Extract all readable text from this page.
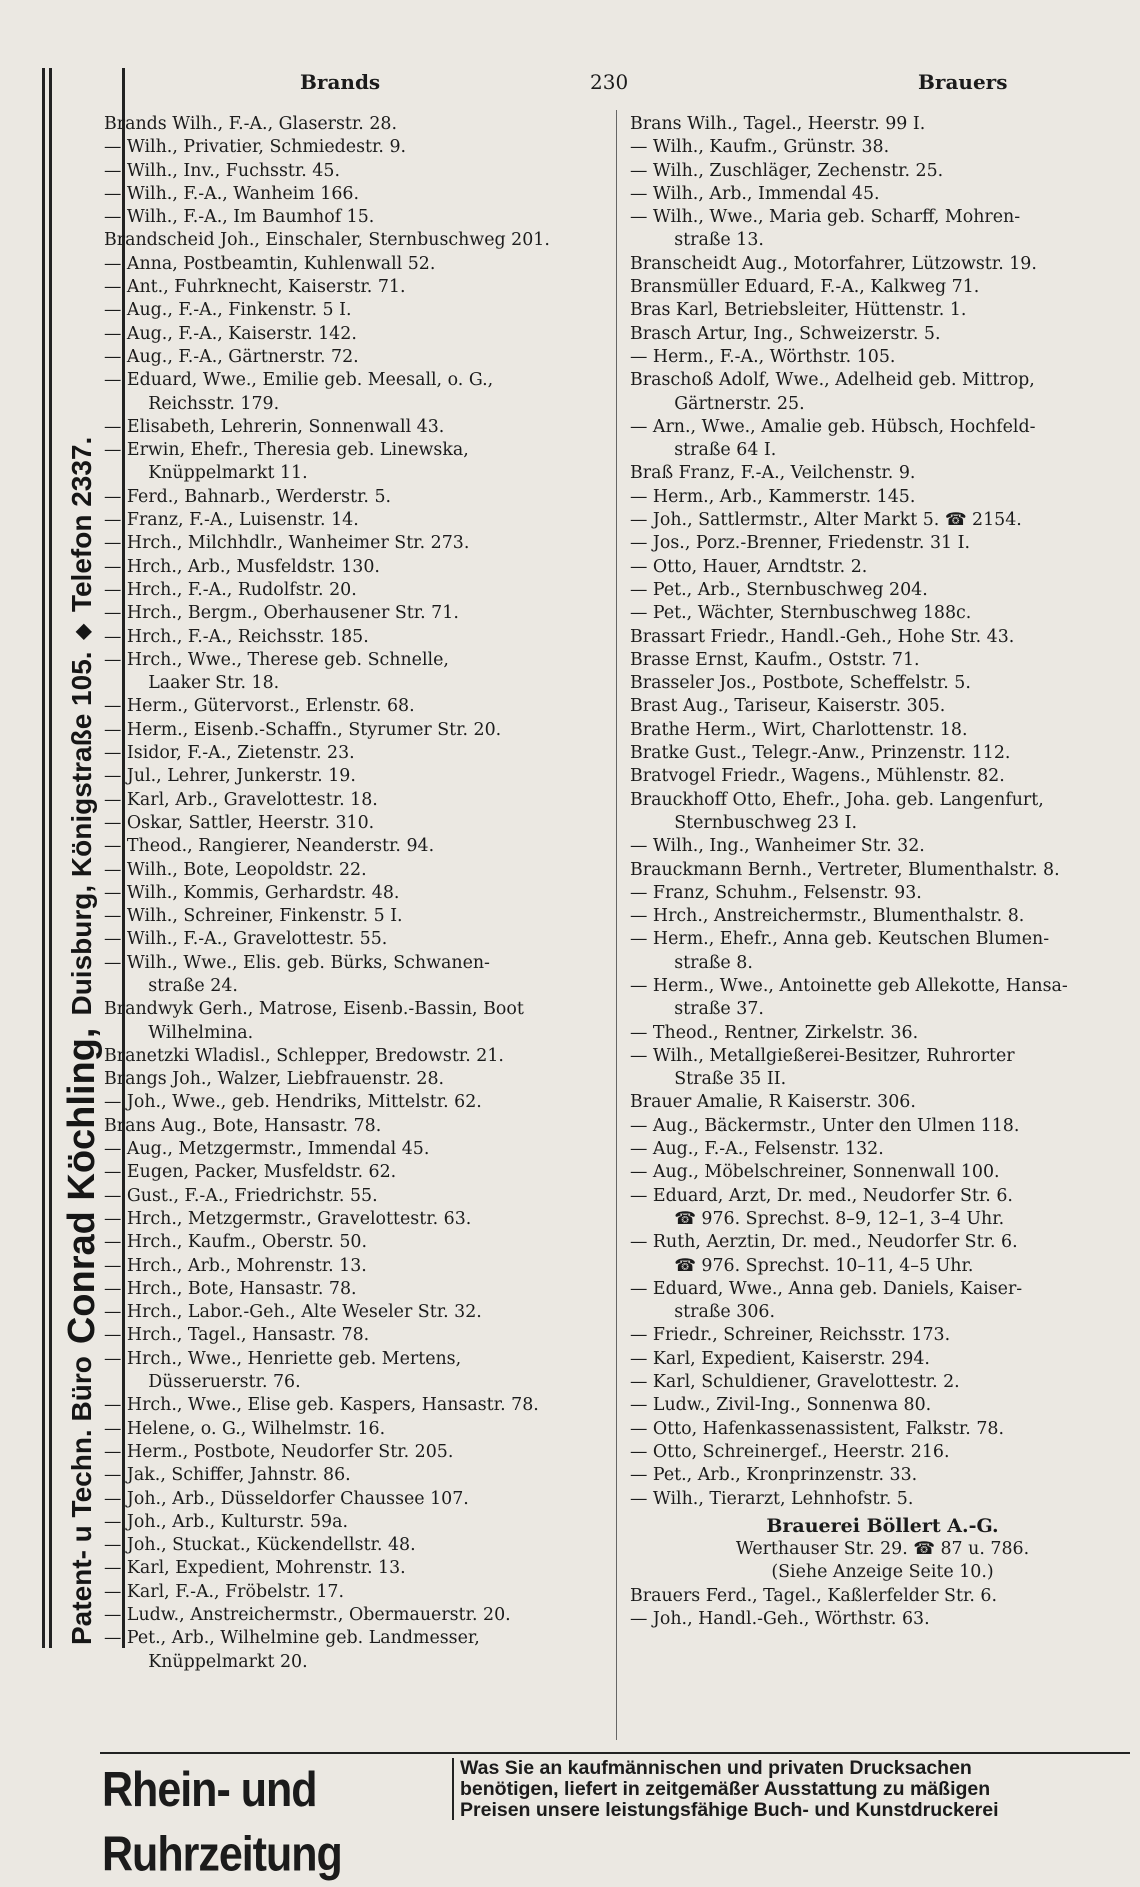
Patent- u Techn. Büro
Conrad Köchling,
Duisburg, Königstraße 105.
◆
Telefon 2337.
Brands	230	Brauers
Brands Wilh., F.-A., Glaserstr. 28.
— Wilh., Privatier, Schmiedestr. 9.
— Wilh., Inv., Fuchsstr. 45.
— Wilh., F.-A., Wanheim 166.
— Wilh., F.-A., Im Baumhof 15.
Brandscheid Joh., Einschaler, Sternbuschweg 201.
— Anna, Postbeamtin, Kuhlenwall 52.
— Ant., Fuhrknecht, Kaiserstr. 71.
— Aug., F.-A., Finkenstr. 5 I.
— Aug., F.-A., Kaiserstr. 142.
— Aug., F.-A., Gärtnerstr. 72.
— Eduard, Wwe., Emilie geb. Meesall, o. G.,
Reichsstr. 179.
— Elisabeth, Lehrerin, Sonnenwall 43.
— Erwin, Ehefr., Theresia geb. Linewska,
Knüppelmarkt 11.
— Ferd., Bahnarb., Werderstr. 5.
— Franz, F.-A., Luisenstr. 14.
— Hrch., Milchhdlr., Wanheimer Str. 273.
— Hrch., Arb., Musfeldstr. 130.
— Hrch., F.-A., Rudolfstr. 20.
— Hrch., Bergm., Oberhausener Str. 71.
— Hrch., F.-A., Reichsstr. 185.
— Hrch., Wwe., Therese geb. Schnelle,
Laaker Str. 18.
— Herm., Gütervorst., Erlenstr. 68.
— Herm., Eisenb.-Schaffn., Styrumer Str. 20.
— Isidor, F.-A., Zietenstr. 23.
— Jul., Lehrer, Junkerstr. 19.
— Karl, Arb., Gravelottestr. 18.
— Oskar, Sattler, Heerstr. 310.
— Theod., Rangierer, Neanderstr. 94.
— Wilh., Bote, Leopoldstr. 22.
— Wilh., Kommis, Gerhardstr. 48.
— Wilh., Schreiner, Finkenstr. 5 I.
— Wilh., F.-A., Gravelottestr. 55.
— Wilh., Wwe., Elis. geb. Bürks, Schwanen-
straße 24.
Brandwyk Gerh., Matrose, Eisenb.-Bassin, Boot
Wilhelmina.
Branetzki Wladisl., Schlepper, Bredowstr. 21.
Brangs Joh., Walzer, Liebfrauenstr. 28.
— Joh., Wwe., geb. Hendriks, Mittelstr. 62.
Brans Aug., Bote, Hansastr. 78.
— Aug., Metzgermstr., Immendal 45.
— Eugen, Packer, Musfeldstr. 62.
— Gust., F.-A., Friedrichstr. 55.
— Hrch., Metzgermstr., Gravelottestr. 63.
— Hrch., Kaufm., Oberstr. 50.
— Hrch., Arb., Mohrenstr. 13.
— Hrch., Bote, Hansastr. 78.
— Hrch., Labor.-Geh., Alte Weseler Str. 32.
— Hrch., Tagel., Hansastr. 78.
— Hrch., Wwe., Henriette geb. Mertens,
Düsseruerstr. 76.
— Hrch., Wwe., Elise geb. Kaspers, Hansastr. 78.
— Helene, o. G., Wilhelmstr. 16.
— Herm., Postbote, Neudorfer Str. 205.
— Jak., Schiffer, Jahnstr. 86.
— Joh., Arb., Düsseldorfer Chaussee 107.
— Joh., Arb., Kulturstr. 59a.
— Joh., Stuckat., Kückendellstr. 48.
— Karl, Expedient, Mohrenstr. 13.
— Karl, F.-A., Fröbelstr. 17.
— Ludw., Anstreichermstr., Obermauerstr. 20.
— Pet., Arb., Wilhelmine geb. Landmesser,
Knüppelmarkt 20.
Brans Wilh., Tagel., Heerstr. 99 I.
— Wilh., Kaufm., Grünstr. 38.
— Wilh., Zuschläger, Zechenstr. 25.
— Wilh., Arb., Immendal 45.
— Wilh., Wwe., Maria geb. Scharff, Mohren-
straße 13.
Branscheidt Aug., Motorfahrer, Lützowstr. 19.
Bransmüller Eduard, F.-A., Kalkweg 71.
Bras Karl, Betriebsleiter, Hüttenstr. 1.
Brasch Artur, Ing., Schweizerstr. 5.
— Herm., F.-A., Wörthstr. 105.
Braschoß Adolf, Wwe., Adelheid geb. Mittrop,
Gärtnerstr. 25.
— Arn., Wwe., Amalie geb. Hübsch, Hochfeld-
straße 64 I.
Braß Franz, F.-A., Veilchenstr. 9.
— Herm., Arb., Kammerstr. 145.
— Joh., Sattlermstr., Alter Markt 5. ☎ 2154.
— Jos., Porz.-Brenner, Friedenstr. 31 I.
— Otto, Hauer, Arndtstr. 2.
— Pet., Arb., Sternbuschweg 204.
— Pet., Wächter, Sternbuschweg 188c.
Brassart Friedr., Handl.-Geh., Hohe Str. 43.
Brasse Ernst, Kaufm., Oststr. 71.
Brasseler Jos., Postbote, Scheffelstr. 5.
Brast Aug., Tariseur, Kaiserstr. 305.
Brathe Herm., Wirt, Charlottenstr. 18.
Bratke Gust., Telegr.-Anw., Prinzenstr. 112.
Bratvogel Friedr., Wagens., Mühlenstr. 82.
Brauckhoff Otto, Ehefr., Joha. geb. Langenfurt,
Sternbuschweg 23 I.
— Wilh., Ing., Wanheimer Str. 32.
Brauckmann Bernh., Vertreter, Blumenthalstr. 8.
— Franz, Schuhm., Felsenstr. 93.
— Hrch., Anstreichermstr., Blumenthalstr. 8.
— Herm., Ehefr., Anna geb. Keutschen Blumen-
straße 8.
— Herm., Wwe., Antoinette geb Allekotte, Hansa-
straße 37.
— Theod., Rentner, Zirkelstr. 36.
— Wilh., Metallgießerei-Besitzer, Ruhrorter
Straße 35 II.
Brauer Amalie, R Kaiserstr. 306.
— Aug., Bäckermstr., Unter den Ulmen 118.
— Aug., F.-A., Felsenstr. 132.
— Aug., Möbelschreiner, Sonnenwall 100.
— Eduard, Arzt, Dr. med., Neudorfer Str. 6.
☎ 976. Sprechst. 8–9, 12–1, 3–4 Uhr.
— Ruth, Aerztin, Dr. med., Neudorfer Str. 6.
☎ 976. Sprechst. 10–11, 4–5 Uhr.
— Eduard, Wwe., Anna geb. Daniels, Kaiser-
straße 306.
— Friedr., Schreiner, Reichsstr. 173.
— Karl, Expedient, Kaiserstr. 294.
— Karl, Schuldiener, Gravelottestr. 2.
— Ludw., Zivil-Ing., Sonnenwa 80.
— Otto, Hafenkassenassistent, Falkstr. 78.
— Otto, Schreinergef., Heerstr. 216.
— Pet., Arb., Kronprinzenstr. 33.
— Wilh., Tierarzt, Lehnhofstr. 5.
Brauerei Böllert A.-G.
Werthauser Str. 29. ☎ 87 u. 786.
(Siehe Anzeige Seite 10.)
Brauers Ferd., Tagel., Kaßlerfelder Str. 6.
— Joh., Handl.-Geh., Wörthstr. 63.
Rhein- und Ruhrzeitung
Was Sie an kaufmännischen und privaten Drucksachen
benötigen, liefert in zeitgemäßer Ausstattung zu mäßigen
Preisen unsere leistungsfähige Buch- und Kunstdruckerei
